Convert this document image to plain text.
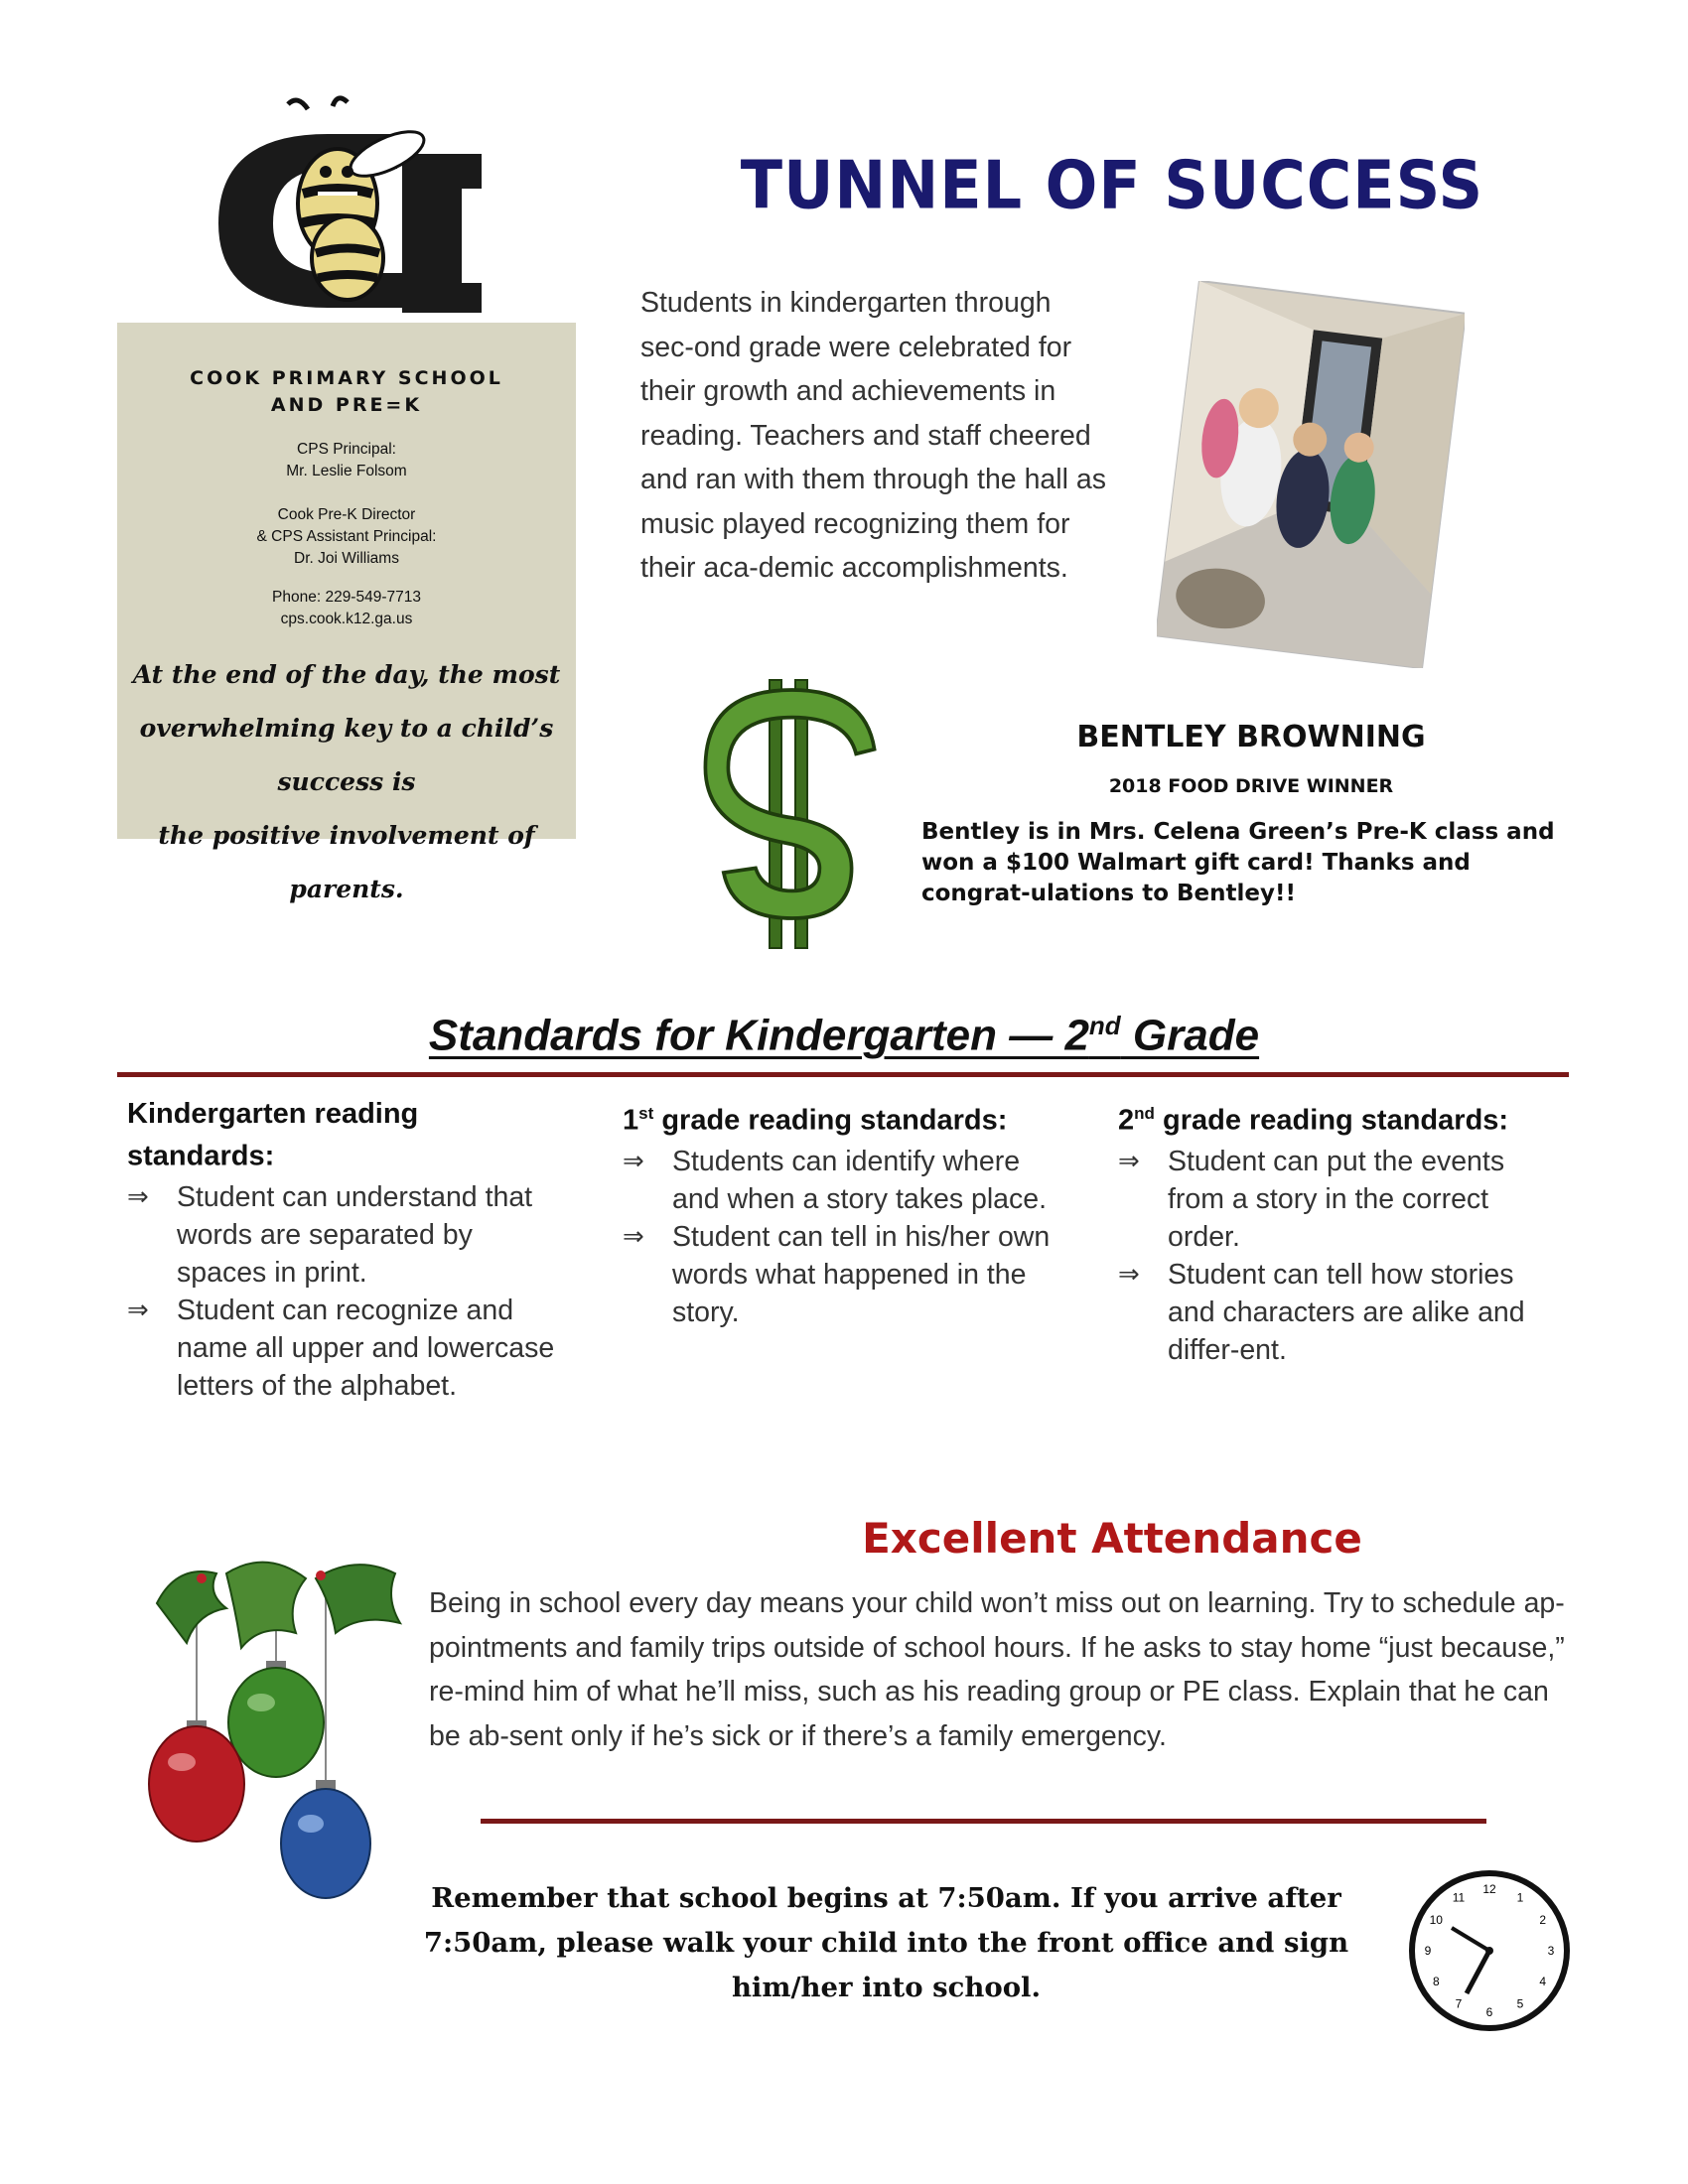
COOK PRIMARY SCHOOL
AND PRE=K
CPS Principal:
Mr. Leslie Folsom
Cook Pre-K Director
& CPS Assistant Principal:
Dr. Joi Williams
Phone: 229-549-7713
cps.cook.k12.ga.us
At the end of the day, the most
overwhelming key to a child’s success is
the positive involvement of parents.
TUNNEL OF SUCCESS
Students in kindergarten through sec-ond grade were celebrated for their growth and achievements in reading. Teachers and staff cheered and ran with them through the hall as music played recognizing them for their aca-demic accomplishments.
BENTLEY BROWNING
2018 FOOD DRIVE WINNER
Bentley is in Mrs. Celena Green’s Pre-K class and won a $100 Walmart gift card! Thanks and congrat-ulations to Bentley!!
Standards for Kindergarten — 2nd Grade
Kindergarten reading standards:
⇒ Student can understand that words are separated by spaces in print.
⇒ Student can recognize and name all upper and lowercase letters of the alphabet.
1st grade reading standards:
⇒ Students can identify where and when a story takes place.
⇒ Student can tell in his/her own words what happened in the story.
2nd grade reading standards:
⇒ Student can put the events from a story in the correct order.
⇒ Student can tell how stories and characters are alike and differ-ent.
Excellent Attendance
Being in school every day means your child won’t miss out on learning. Try to schedule ap-pointments and family trips outside of school hours. If he asks to stay home “just because,” re-mind him of what he’ll miss, such as his reading group or PE class. Explain that he can be ab-sent only if he’s sick or if there’s a family emergency.
Remember that school begins at 7:50am. If you arrive after 7:50am, please walk your child into the front office and sign him/her into school.
12
1
2
3
4
5
6
7
8
9
10
11
